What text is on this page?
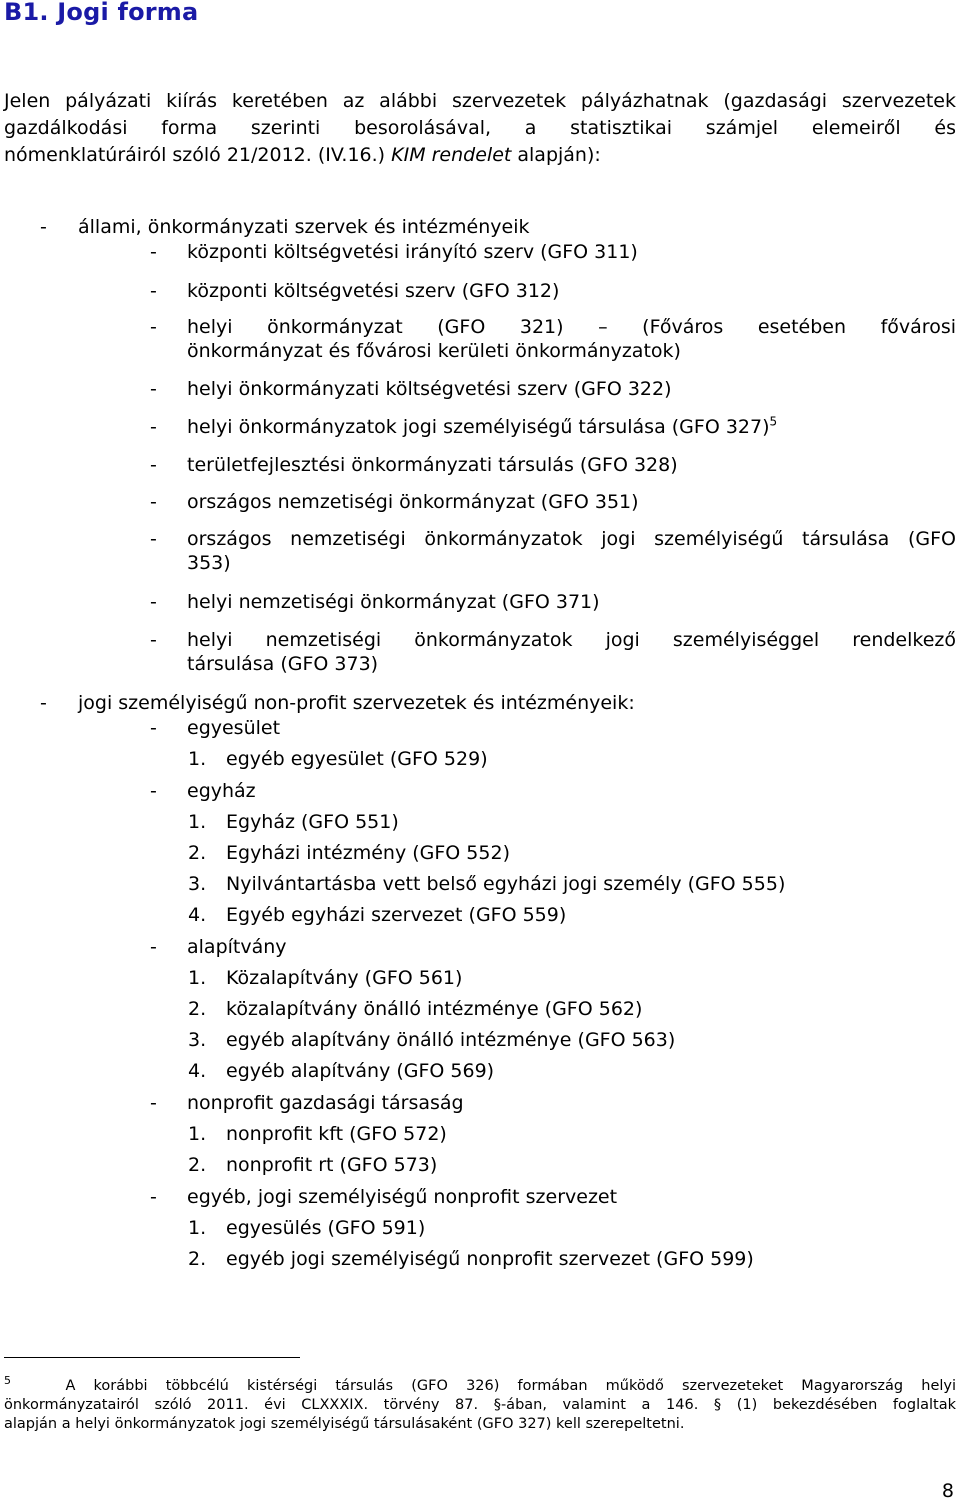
B1. Jogi forma
Jelen pályázati kiírás keretében az alábbi szervezetek pályázhatnak (gazdasági szervezetek
gazdálkodási forma szerinti besorolásával, a statisztikai számjel elemeiről és
nómenklatúráiról szóló 21/2012. (IV.16.) KIM rendelet alapján):
- állami, önkormányzati szervek és intézményeik
- központi költségvetési irányító szerv (GFO 311)
- központi költségvetési szerv (GFO 312)
- helyi önkormányzat (GFO 321) – (Főváros esetében fővárosi
önkormányzat és fővárosi kerületi önkormányzatok)
- helyi önkormányzati költségvetési szerv (GFO 322)
- helyi önkormányzatok jogi személyiségű társulása (GFO 327)$^5$
- területfejlesztési önkormányzati társulás (GFO 328)
- országos nemzetiségi önkormányzat (GFO 351)
- országos nemzetiségi önkormányzatok jogi személyiségű társulása (GFO
353)
- helyi nemzetiségi önkormányzat (GFO 371)
- helyi nemzetiségi önkormányzatok jogi személyiséggel rendelkező
társulása (GFO 373)
- jogi személyiségű non-profit szervezetek és intézményeik:
- egyesület
1. egyéb egyesület (GFO 529)
- egyház
1. Egyház (GFO 551)
2. Egyházi intézmény (GFO 552)
3. Nyilvántartásba vett belső egyházi jogi személy (GFO 555)
4. Egyéb egyházi szervezet (GFO 559)
- alapítvány
1. Közalapítvány (GFO 561)
2. közalapítvány önálló intézménye (GFO 562)
3. egyéb alapítvány önálló intézménye (GFO 563)
4. egyéb alapítvány (GFO 569)
- nonprofit gazdasági társaság
1. nonprofit kft (GFO 572)
2. nonprofit rt (GFO 573)
- egyéb, jogi személyiségű nonprofit szervezet
1. egyesülés (GFO 591)
2. egyéb jogi személyiségű nonprofit szervezet (GFO 599)
$^5$	A korábbi többcélú kistérségi társulás (GFO 326) formában működő szervezeteket Magyarország helyi
önkormányzatairól szóló 2011. évi CLXXXIX. törvény 87. §-ában, valamint a 146. § (1) bekezdésében foglaltak
alapján a helyi önkormányzatok jogi személyiségű társulásaként (GFO 327) kell szerepeltetni.
8
